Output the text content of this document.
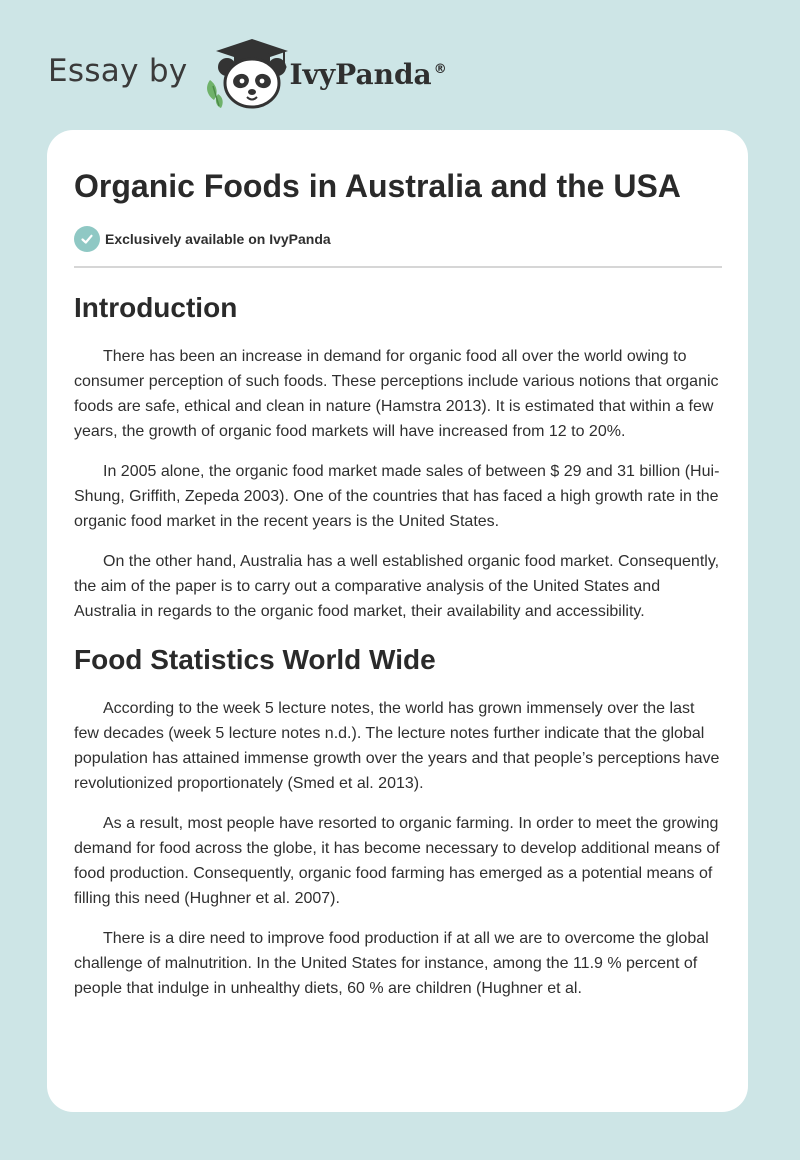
Essay by	IvyPanda ®
Organic Foods in Australia and the USA
Exclusively available on IvyPanda
Introduction

There has been an increase in demand for organic food all over the world owing to consumer perception of such foods. These perceptions include various notions that organic foods are safe, ethical and clean in nature (Hamstra 2013). It is estimated that within a few years, the growth of organic food markets will have increased from 12 to 20%.

In 2005 alone, the organic food market made sales of between $ 29 and 31 billion (Hui-Shung, Griffith, Zepeda 2003). One of the countries that has faced a high growth rate in the organic food market in the recent years is the United States.

On the other hand, Australia has a well established organic food market. Consequently, the aim of the paper is to carry out a comparative analysis of the United States and Australia in regards to the organic food market, their availability and accessibility.

Food Statistics World Wide

According to the week 5 lecture notes, the world has grown immensely over the last few decades (week 5 lecture notes n.d.). The lecture notes further indicate that the global population has attained immense growth over the years and that people’s perceptions have revolutionized proportionately (Smed et al. 2013).

As a result, most people have resorted to organic farming. In order to meet the growing demand for food across the globe, it has become necessary to develop additional means of food production. Consequently, organic food farming has emerged as a potential means of filling this need (Hughner et al. 2007).

There is a dire need to improve food production if at all we are to overcome the global challenge of malnutrition. In the United States for instance, among the 11.9 % percent of people that indulge in unhealthy diets, 60 % are children (Hughner et al.
